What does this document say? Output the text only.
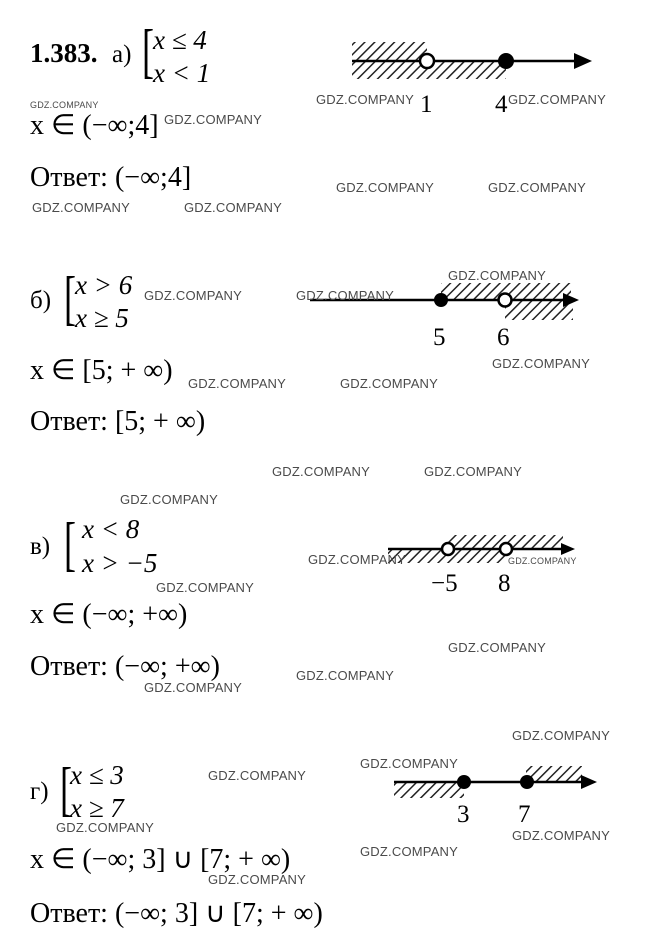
1.383. а) [ x ≤ 4
x < 1
1	4
x ∈ (−∞;4]
Ответ: (−∞;4]
б) [ x > 6
x ≥ 5
5 6
x ∈ [5; + ∞)
Ответ: [5; + ∞)
в) [ x < 8
x > −5
−5 8
x ∈ (−∞; +∞)
Ответ: (−∞; +∞)
г) [
x ≤ 3
x ≥ 7	3 7
x ∈ (−∞; 3] ∪ [7; + ∞)
Ответ: (−∞; 3] ∪ [7; + ∞)
GDZ.COMPANY
GDZ.COMPANY
GDZ.COMPANY	GDZ.COMPANY
GDZ.COMPANY	GDZ.COMPANY
GDZ.COMPANY	GDZ.COMPANY
GDZ.COMPANY
GDZ.COMPANY	GDZ.COMPANY
GDZ.COMPANY
GDZ.COMPANY	GDZ.COMPANY
GDZ.COMPANY	GDZ.COMPANY
GDZ.COMPANY
GDZ.COMPANY	GDZ.COMPANY
GDZ.COMPANY
GDZ.COMPANY
GDZ.COMPANY
GDZ.COMPANY
GDZ.COMPANY
GDZ.COMPANY
GDZ.COMPANY
GDZ.COMPANY
GDZ.COMPANY
GDZ.COMPANY
GDZ.COMPANY
